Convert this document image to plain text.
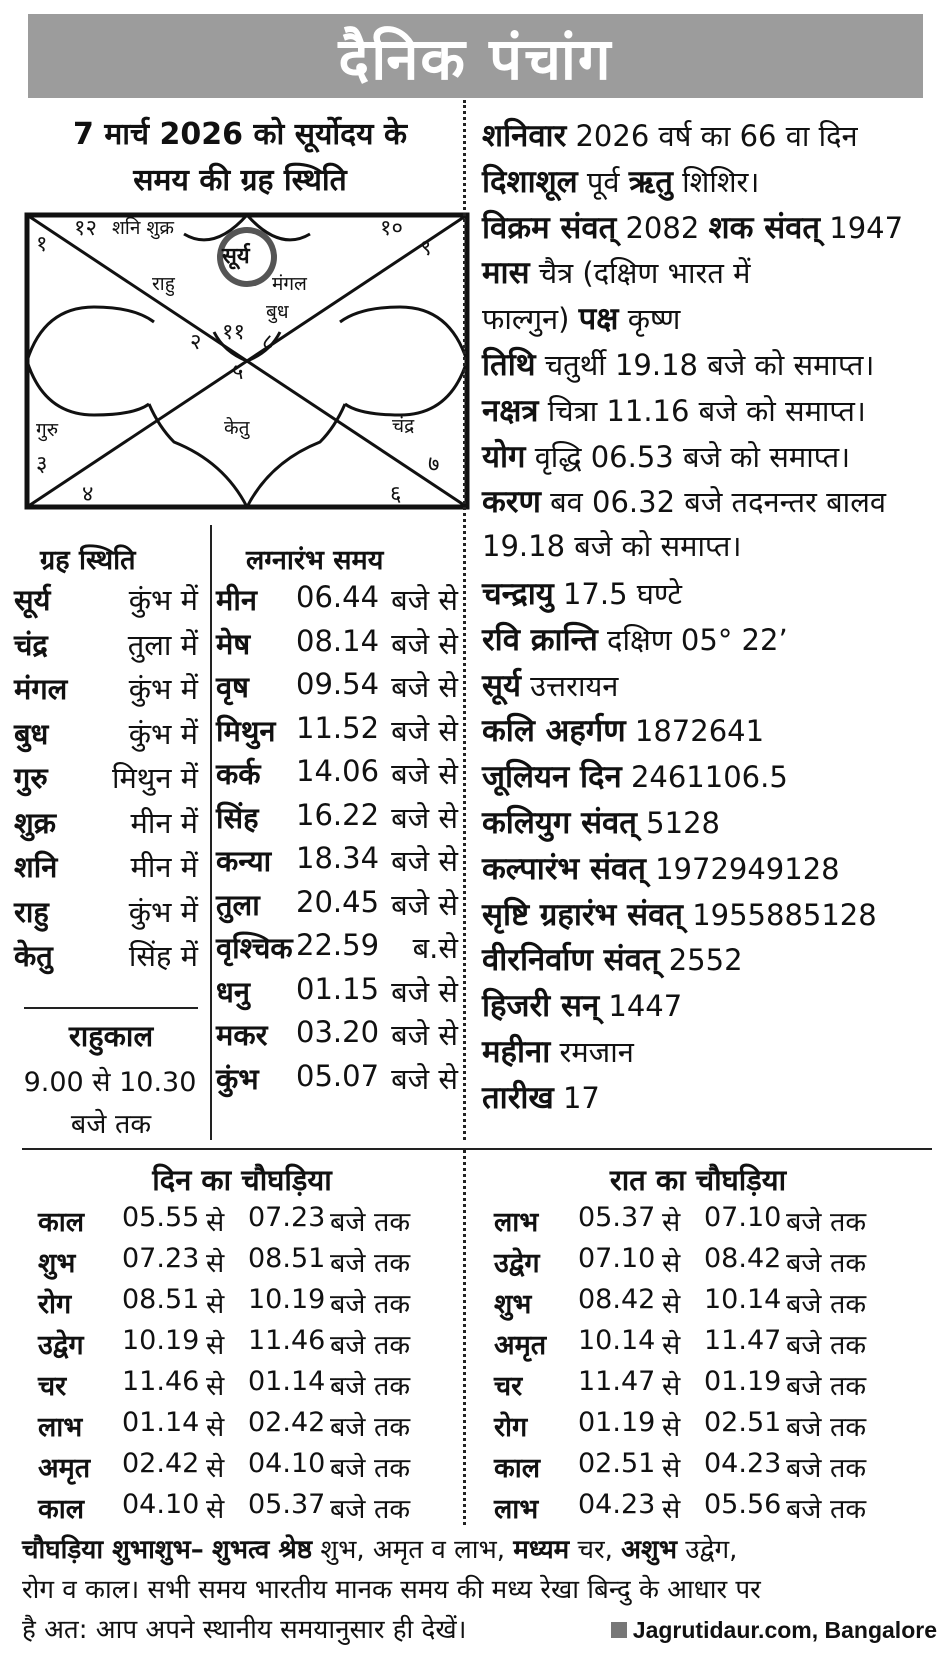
दैनिक पंचांग
7 मार्च 2026 को सूर्योदय के
समय की ग्रह स्थिति
१
१२ शनि शुक्र	१०
९
सूर्य
राहु	मंगल
बुध
११
२	८
५
गुरु
३
केतु	चंद्र
७
४	६
ग्रह स्थिति
सूर्य	कुंभ में
चंद्र	तुला में
मंगल	कुंभ में
बुध	कुंभ में
गुरु	मिथुन में
शुक्र	मीन में
शनि	मीन में
राहु	कुंभ में
केतु	सिंह में
राहुकाल
9.00 से 10.30
बजे तक
लग्नारंभ समय
मीन 06.44 बजे से
मेष 08.14 बजे से
वृष 09.54 बजे से
मिथुन 11.52 बजे से
कर्क 14.06 बजे से
सिंह 16.22 बजे से
कन्या 18.34 बजे से
तुला 20.45 बजे से
वृश्चिक 22.59	ब.से
धनु 01.15 बजे से
मकर 03.20 बजे से
कुंभ 05.07 बजे से
शनिवार 2026 वर्ष का 66 वा दिन
दिशाशूल पूर्व ऋतु शिशिर।
विक्रम संवत् 2082 शक संवत् 1947
मास चैत्र (दक्षिण भारत में
फाल्गुन) पक्ष कृष्ण
तिथि चतुर्थी 19.18 बजे को समाप्त।
नक्षत्र चित्रा 11.16 बजे को समाप्त।
योग वृद्धि 06.53 बजे को समाप्त।
करण बव 06.32 बजे तदनन्तर बालव
19.18 बजे को समाप्त।
चन्द्रायु 17.5 घण्टे
रवि क्रान्ति दक्षिण 05° 22’
सूर्य उत्तरायन
कलि अहर्गण 1872641
जूलियन दिन 2461106.5
कलियुग संवत् 5128
कल्पारंभ संवत् 1972949128
सृष्टि ग्रहारंभ संवत् 1955885128
वीरनिर्वाण संवत् 2552
हिजरी सन् 1447
महीना रमजान
तारीख 17
दिन का चौघड़िया	रात का चौघड़िया
काल 05.55 से 07.23 बजे तक
शुभ 07.23 से 08.51 बजे तक
रोग 08.51 से 10.19 बजे तक
उद्वेग 10.19 से 11.46 बजे तक
चर 11.46 से 01.14 बजे तक
लाभ 01.14 से 02.42 बजे तक
अमृत 02.42 से 04.10 बजे तक
काल 04.10 से 05.37 बजे तक
लाभ 05.37 से 07.10 बजे तक
उद्वेग 07.10 से 08.42 बजे तक
शुभ 08.42 से 10.14 बजे तक
अमृत 10.14 से 11.47 बजे तक
चर 11.47 से 01.19 बजे तक
रोग 01.19 से 02.51 बजे तक
काल 02.51 से 04.23 बजे तक
लाभ 04.23 से 05.56 बजे तक
चौघड़िया शुभाशुभ– शुभत्व श्रेष्ठ शुभ, अमृत व लाभ, मध्यम चर, अशुभ उद्वेग,
रोग व काल। सभी समय भारतीय मानक समय की मध्य रेखा बिन्दु के आधार पर
है अत: आप अपने स्थानीय समयानुसार ही देखें।	Jagrutidaur.com, Bangalore
